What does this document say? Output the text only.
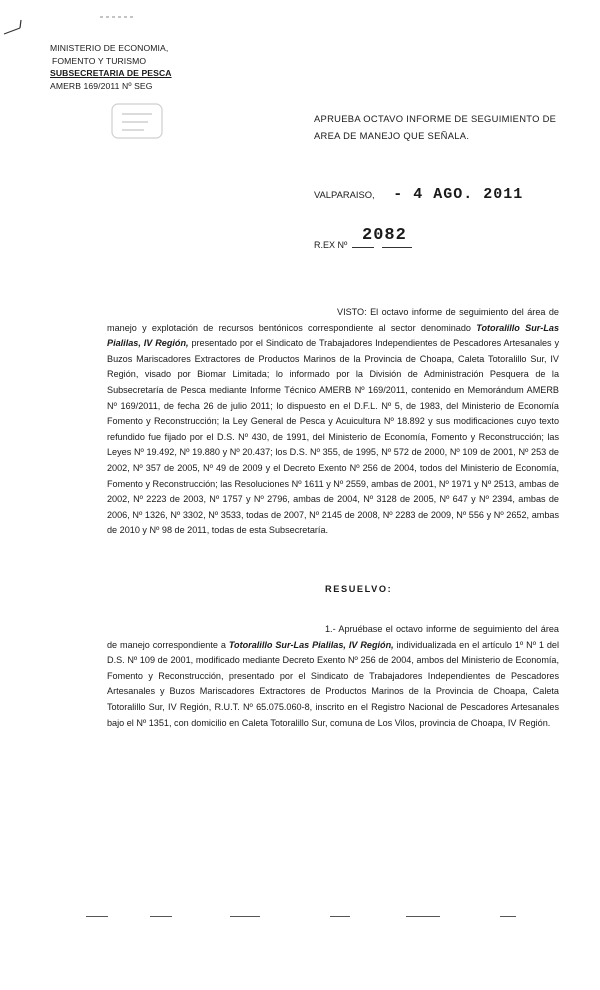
MINISTERIO DE ECONOMIA,
FOMENTO Y TURISMO
SUBSECRETARIA DE PESCA
AMERB 169/2011 Nº SEG
APRUEBA OCTAVO INFORME DE SEGUIMIENTO DE AREA DE MANEJO QUE SEÑALA.
VALPARAISO, - 4 AGO. 2011
R.EX Nº 2082
VISTO: El octavo informe de seguimiento del área de manejo y explotación de recursos bentónicos correspondiente al sector denominado Totoralillo Sur-Las Pialilas, IV Región, presentado por el Sindicato de Trabajadores Independientes de Pescadores Artesanales y Buzos Mariscadores Extractores de Productos Marinos de la Provincia de Choapa, Caleta Totoralillo Sur, IV Región, visado por Biomar Limitada; lo informado por la División de Administración Pesquera de la Subsecretaría de Pesca mediante Informe Técnico AMERB Nº 169/2011, contenido en Memorándum AMERB Nº 169/2011, de fecha 26 de julio 2011; lo dispuesto en el D.F.L. Nº 5, de 1983, del Ministerio de Economía Fomento y Reconstrucción; la Ley General de Pesca y Acuicultura Nº 18.892 y sus modificaciones cuyo texto refundido fue fijado por el D.S. Nº 430, de 1991, del Ministerio de Economía, Fomento y Reconstrucción; las Leyes Nº 19.492, Nº 19.880 y Nº 20.437; los D.S. Nº 355, de 1995, Nº 572 de 2000, Nº 109 de 2001, Nº 253 de 2002, Nº 357 de 2005, Nº 49 de 2009 y el Decreto Exento Nº 256 de 2004, todos del Ministerio de Economía, Fomento y Reconstrucción; las Resoluciones Nº 1611 y Nº 2559, ambas de 2001, Nº 1971 y Nº 2513, ambas de 2002, Nº 2223 de 2003, Nº 1757 y Nº 2796, ambas de 2004, Nº 3128 de 2005, Nº 647 y Nº 2394, ambas de 2006, Nº 1326, Nº 3302, Nº 3533, todas de 2007, Nº 2145 de 2008, Nº 2283 de 2009, Nº 556 y Nº 2652, ambas de 2010 y Nº 98 de 2011, todas de esta Subsecretaría.
RESUELVO:
1.- Apruébase el octavo informe de seguimiento del área de manejo correspondiente a Totoralillo Sur-Las Pialilas, IV Región, individualizada en el artículo 1º Nº 1 del D.S. Nº 109 de 2001, modificado mediante Decreto Exento Nº 256 de 2004, ambos del Ministerio de Economía, Fomento y Reconstrucción, presentado por el Sindicato de Trabajadores Independientes de Pescadores Artesanales y Buzos Mariscadores Extractores de Productos Marinos de la Provincia de Choapa, Caleta Totoralillo Sur, IV Región, R.U.T. Nº 65.075.060-8, inscrito en el Registro Nacional de Pescadores Artesanales bajo el Nº 1351, con domicilio en Caleta Totoralillo Sur, comuna de Los Vilos, provincia de Choapa, IV Región.
